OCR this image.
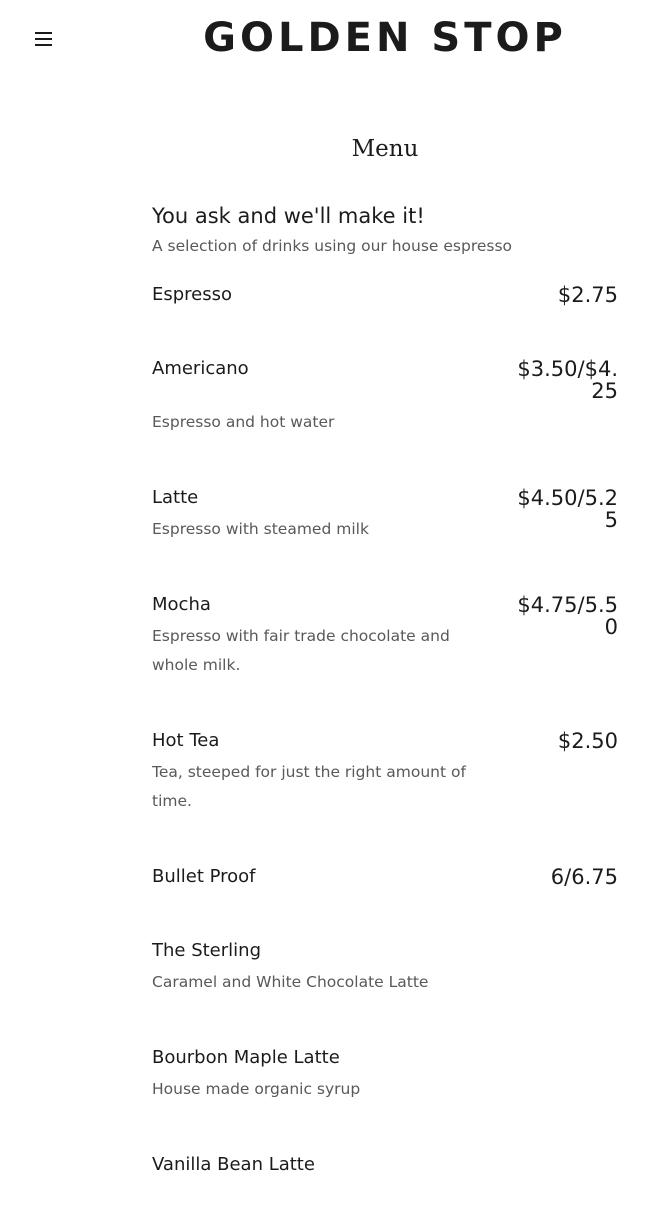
GOLDEN STOP
Menu
You ask and we'll make it!
A selection of drinks using our house espresso
Espresso	$2.75
Americano
Espresso and hot water
$3.50/$4.25
Latte
Espresso with steamed milk
$4.50/5.25
Mocha
Espresso with fair trade chocolate and whole milk.
$4.75/5.50
Hot Tea
Tea, steeped for just the right amount of time.
$2.50
Bullet Proof	6/6.75
The Sterling
Caramel and White Chocolate Latte
Bourbon Maple Latte
House made organic syrup
Vanilla Bean Latte
